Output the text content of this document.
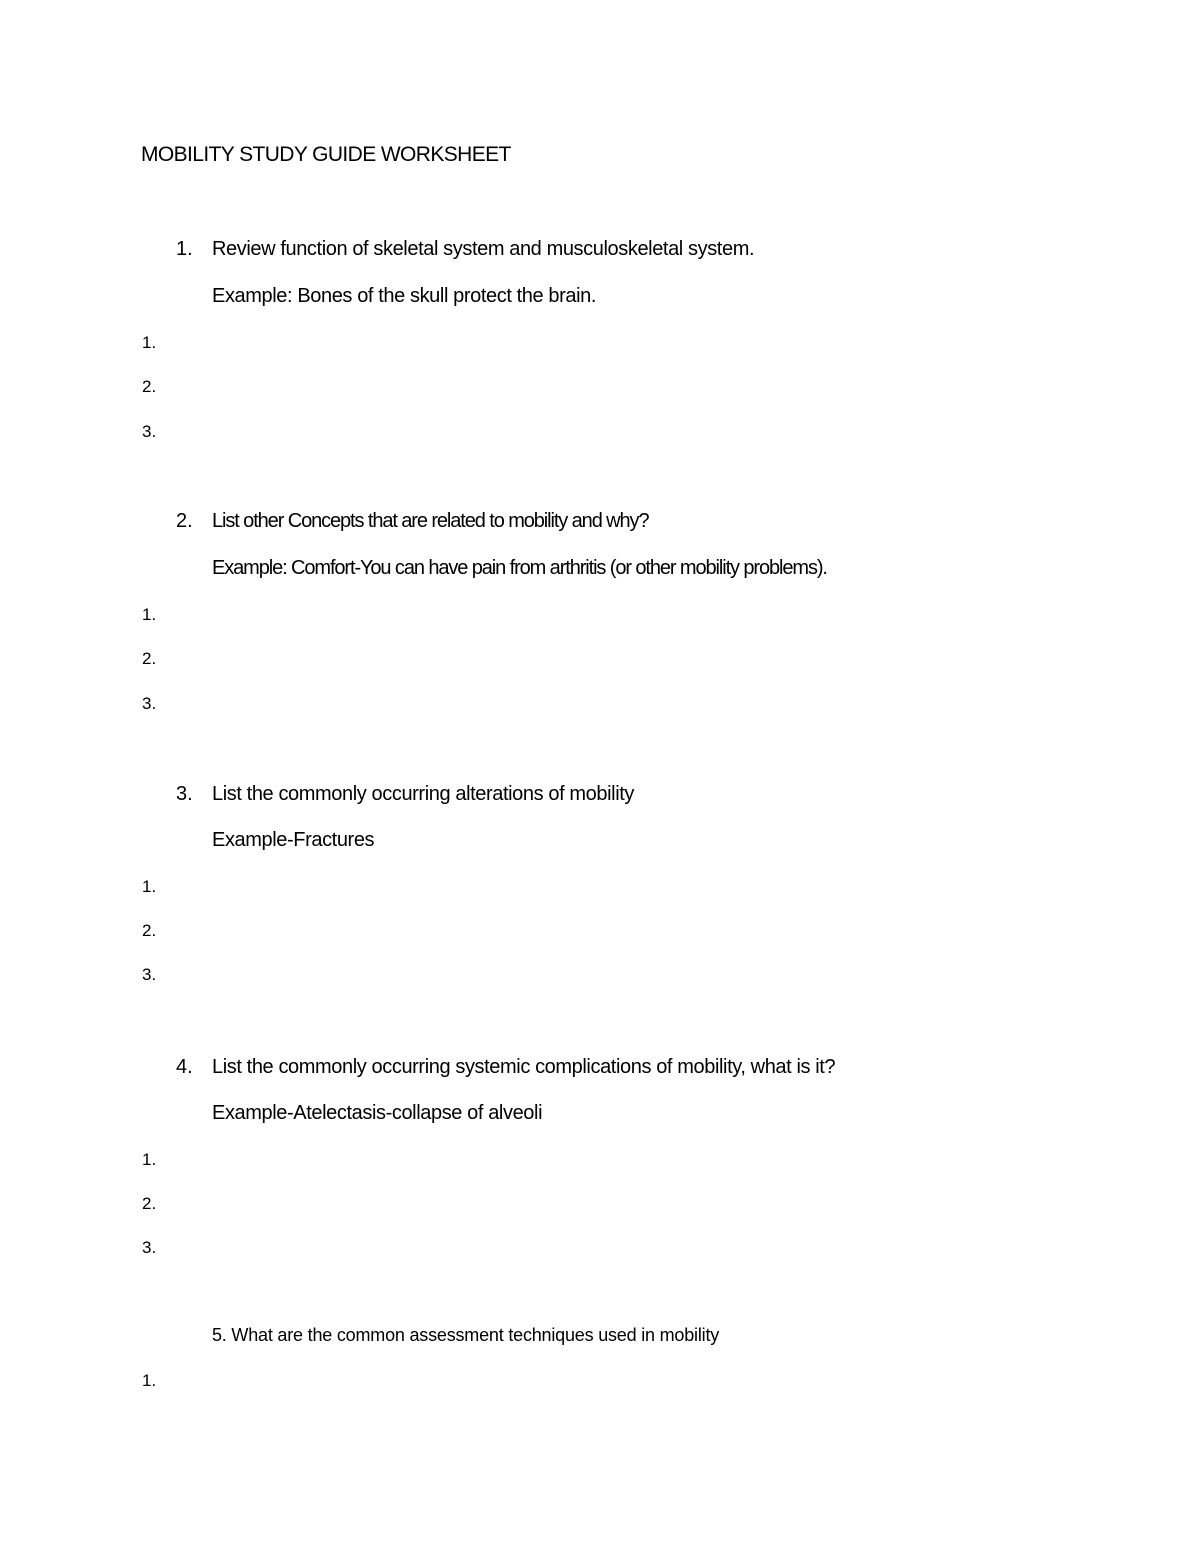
MOBILITY STUDY GUIDE WORKSHEET
1. Review function of skeletal system and musculoskeletal system.
Example: Bones of the skull protect the brain.
1.
2.
3.
2. List other Concepts that are related to mobility and why?
Example: Comfort-You can have pain from arthritis (or other mobility problems).
1.
2.
3.
3. List the commonly occurring alterations of mobility
Example-Fractures
1.
2.
3.
4. List the commonly occurring systemic complications of mobility, what is it?
Example-Atelectasis-collapse of alveoli
1.
2.
3.
5. What are the common assessment techniques used in mobility
1.
